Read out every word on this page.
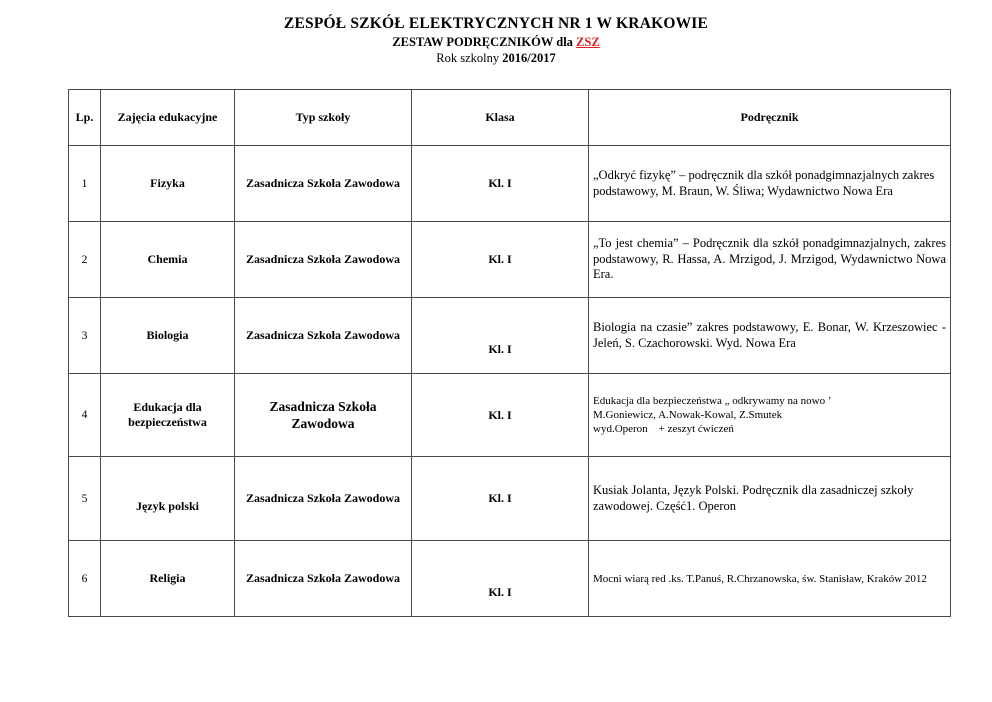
ZESPÓŁ SZKÓŁ ELEKTRYCZNYCH NR 1 W KRAKOWIE
ZESTAW PODRĘCZNIKÓW dla ZSZ
Rok szkolny 2016/2017
Lp.	Zajęcia edukacyjne	Typ szkoły	Klasa	Podręcznik
1	Fizyka	Zasadnicza Szkoła Zawodowa	Kl. I	„Odkryć fizykę” – podręcznik dla szkół ponadgimnazjalnych zakres podstawowy, M. Braun, W. Śliwa; Wydawnictwo Nowa Era
2	Chemia	Zasadnicza Szkoła Zawodowa	Kl. I	„To jest chemia” – Podręcznik dla szkół ponadgimnazjalnych, zakres podstawowy, R. Hassa, A. Mrzigod, J. Mrzigod, Wydawnictwo Nowa Era.
3	Biologia	Zasadnicza Szkoła Zawodowa	Kl. I	Biologia na czasie” zakres podstawowy, E. Bonar, W. Krzeszowiec - Jeleń, S. Czachorowski. Wyd. Nowa Era
4	Edukacja dla bezpieczeństwa	Zasadnicza Szkoła Zawodowa	Kl. I	Edukacja dla bezpieczeństwa „ odkrywamy na nowo ’
M.Goniewicz, A.Nowak-Kowal, Z.Smutek
wyd.Operon    + zeszyt ćwiczeń

5	Język polski	Zasadnicza Szkoła Zawodowa	Kl. I	Kusiak Jolanta, Język Polski. Podręcznik dla zasadniczej szkoły zawodowej. Część1. Operon
6	Religia	Zasadnicza Szkoła Zawodowa	Kl. I	Mocni wiarą red .ks. T.Panuś, R.Chrzanowska, św. Stanisław, Kraków 2012
